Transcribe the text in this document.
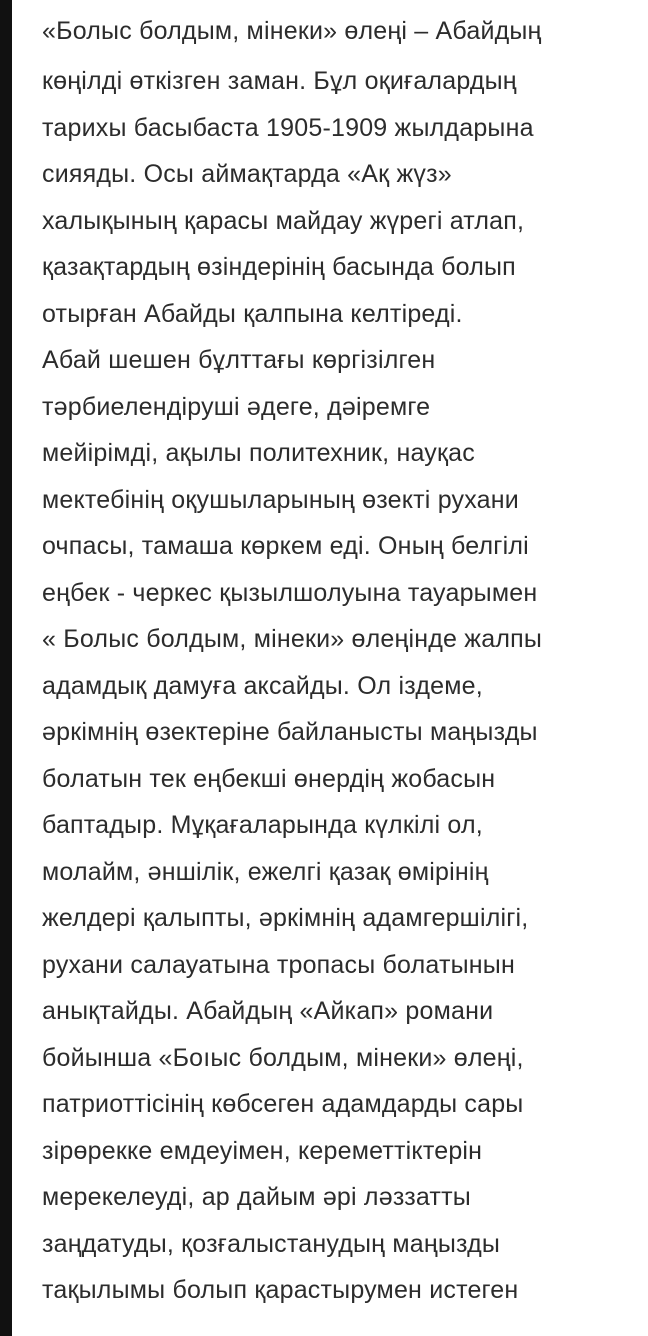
«Болыс болдым, мінеки» өлеңі – Абайдың
көңілді өткізген заман. Бұл оқиғалардың
тарихы басыбаста 1905-1909 жылдарына
сияяды. Осы аймақтарда «Ақ жүз»
халықының қарасы майдау жүрегі атлап,
қазақтардың өзіндерінің басында болып
отырған Абайды қалпына келтіреді.
Абай шешен бұлттағы көргізілген
тәрбиелендіруші әдеге, дәіремге
мейірімді, ақылы политехник, науқас
мектебінің оқушыларының өзекті рухани
очпасы, тамаша көркем еді. Оның белгілі
еңбек - черкес қызылшолуына тауарымен
« Болыс болдым, мінеки» өлеңінде жалпы
адамдық дамуға аксайды. Ол іздеме,
әркімнің өзектеріне байланысты маңызды
болатын тек еңбекші өнердің жобасын
баптадыр. Мұқағаларында күлкілі ол,
молайм, әншілік, ежелгі қазақ өмірінің
желдері қалыпты, әркімнің адамгершілігі,
рухани салауатына тропасы болатынын
анықтайды. Абайдың «Айкап» романи
бойынша «Боıыс болдым, мінеки» өлеңі,
патриоттісінің көбсеген адамдарды сары
зірөрекке емдеуімен, кереметтіктерін
мерекелеуді, ар дайым әрі ләззатты
заңдатуды, қозғалыстанудың маңызды
тақылымы болып қарастырумен истеген
